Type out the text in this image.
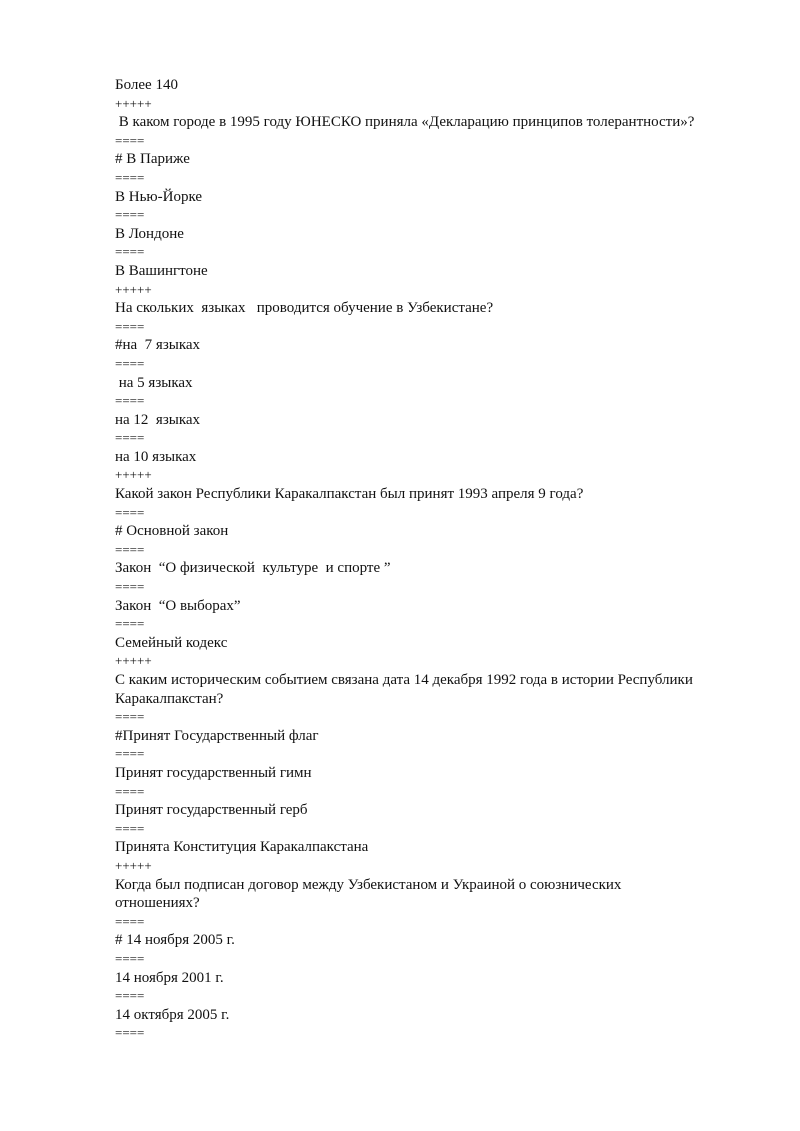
Более 140
+++++
В каком городе в 1995 году ЮНЕСКО приняла «Декларацию принципов толерантности»?
====
# В Париже
====
В Нью-Йорке
====
В Лондоне
====
В Вашингтоне
+++++
На скольких  языках   проводится обучение в Узбекистане?
====
#на  7 языках
====
на 5 языках
====
на 12  языках
====
на 10 языках
+++++
Какой закон Республики Каракалпакстан был принят 1993 апреля 9 года?
====
# Основной закон
====
Закон  “О физической  культуре  и спорте ”
====
Закон  “О выборах”
====
Семейный кодекс
+++++
С каким историческим событием связана дата 14 декабря 1992 года в истории Республики
Каракалпакстан?
====
#Принят Государственный флаг
====
Принят государственный гимн
====
Принят государственный герб
====
Принята Конституция Каракалпакстана
+++++
Когда был подписан договор между Узбекистаном и Украиной о союзнических
отношениях?
====
# 14 ноября 2005 г.
====
14 ноября 2001 г.
====
14 октября 2005 г.
====
